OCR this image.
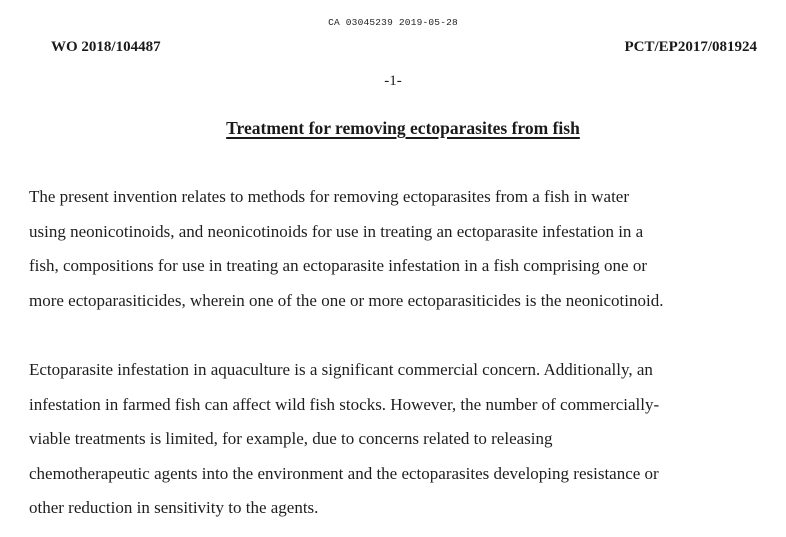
CA 03045239 2019-05-28
WO 2018/104487	PCT/EP2017/081924
-1-
Treatment for removing ectoparasites from fish
The present invention relates to methods for removing ectoparasites from a fish in water
using neonicotinoids, and neonicotinoids for use in treating an ectoparasite infestation in a
fish, compositions for use in treating an ectoparasite infestation in a fish comprising one or
more ectoparasiticides, wherein one of the one or more ectoparasiticides is the neonicotinoid.
Ectoparasite infestation in aquaculture is a significant commercial concern. Additionally, an
infestation in farmed fish can affect wild fish stocks. However, the number of commercially-
viable treatments is limited, for example, due to concerns related to releasing
chemotherapeutic agents into the environment and the ectoparasites developing resistance or
other reduction in sensitivity to the agents.
